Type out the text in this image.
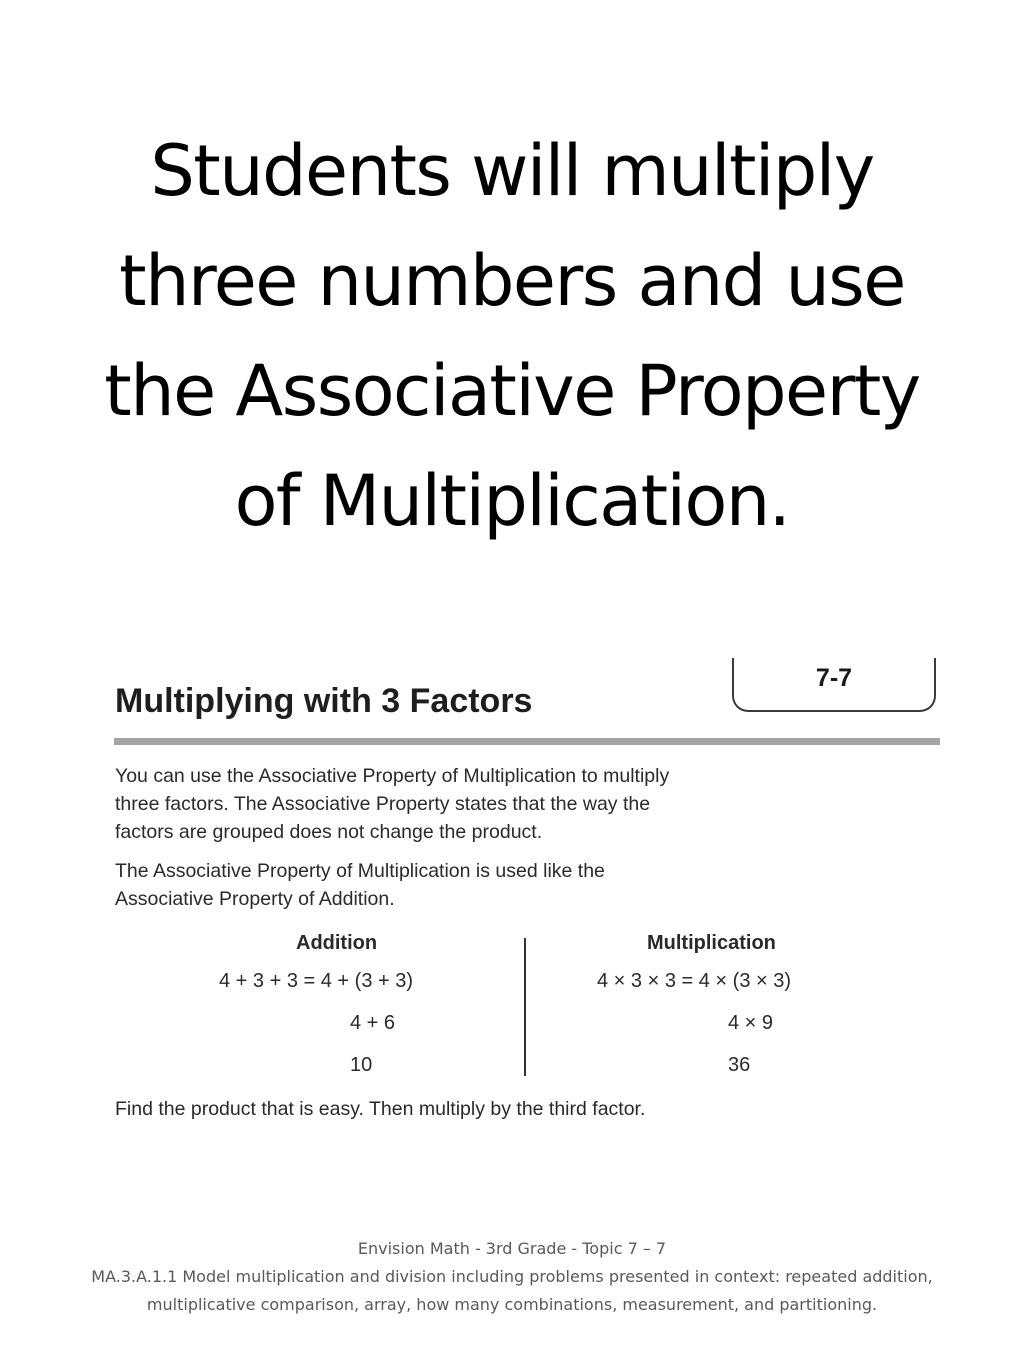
Students will multiply
three numbers and use
the Associative Property
of Multiplication.
7-7
Multiplying with 3 Factors
You can use the Associative Property of Multiplication to multiply
three factors. The Associative Property states that the way the
factors are grouped does not change the product.
The Associative Property of Multiplication is used like the
Associative Property of Addition.
Addition
4 + 3 + 3 = 4 + (3 + 3)
4 + 6
10
Multiplication
4 × 3 × 3 = 4 × (3 × 3)
4 × 9
36
Find the product that is easy. Then multiply by the third factor.
Envision Math - 3rd Grade - Topic 7 – 7
MA.3.A.1.1 Model multiplication and division including problems presented in context: repeated addition,
multiplicative comparison, array, how many combinations, measurement, and partitioning.
